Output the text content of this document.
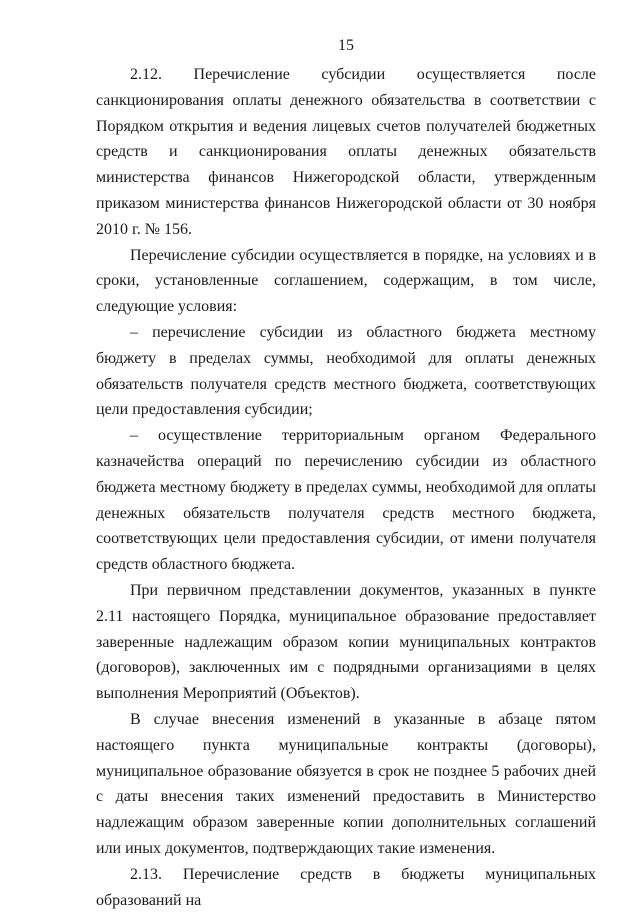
15

2.12. Перечисление субсидии осуществляется после санкционирования оплаты денежного обязательства в соответствии с Порядком открытия и ведения лицевых счетов получателей бюджетных средств и санкционирования оплаты денежных обязательств министерства финансов Нижегородской области, утвержденным приказом министерства финансов Нижегородской области от 30 ноября 2010 г. № 156.

Перечисление субсидии осуществляется в порядке, на условиях и в сроки, установленные соглашением, содержащим, в том числе, следующие условия:

– перечисление субсидии из областного бюджета местному бюджету в пределах суммы, необходимой для оплаты денежных обязательств получателя средств местного бюджета, соответствующих цели предоставления субсидии;

– осуществление территориальным органом Федерального казначейства операций по перечислению субсидии из областного бюджета местному бюджету в пределах суммы, необходимой для оплаты денежных обязательств получателя средств местного бюджета, соответствующих цели предоставления субсидии, от имени получателя средств областного бюджета.

При первичном представлении документов, указанных в пункте 2.11 настоящего Порядка, муниципальное образование предоставляет заверенные надлежащим образом копии муниципальных контрактов (договоров), заключенных им с подрядными организациями в целях выполнения Мероприятий (Объектов).

В случае внесения изменений в указанные в абзаце пятом настоящего пункта муниципальные контракты (договоры), муниципальное образование обязуется в срок не позднее 5 рабочих дней с даты внесения таких изменений предоставить в Министерство надлежащим образом заверенные копии дополнительных соглашений или иных документов, подтверждающих такие изменения.

2.13. Перечисление средств в бюджеты муниципальных образований на
